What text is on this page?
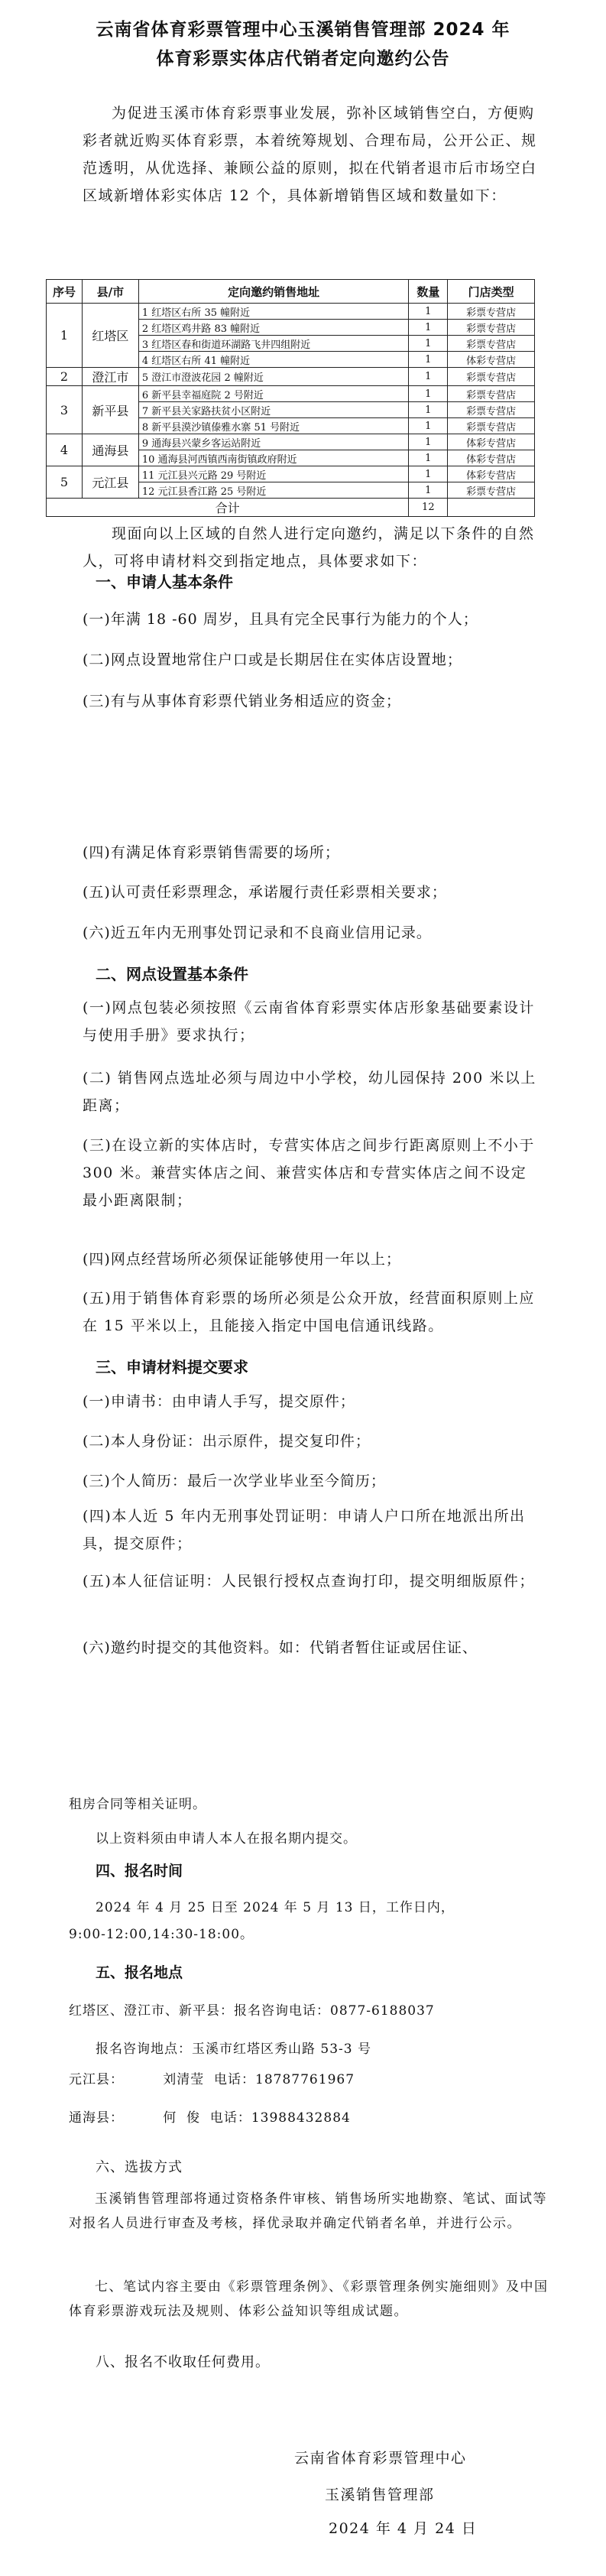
云南省体育彩票管理中心玉溪销售管理部 2024 年
体育彩票实体店代销者定向邀约公告
为促进玉溪市体育彩票事业发展，弥补区域销售空白，方便购彩者就近购买体育彩票，本着统筹规划、合理布局，公开公正、规范透明，从优选择、兼顾公益的原则，拟在代销者退市后市场空白区域新增体彩实体店 12 个，具体新增销售区域和数量如下：
序号	县/市	定向邀约销售地址	数量	门店类型
1	红塔区	1 红塔区右所 35 幢附近	1	彩票专营店
		2 红塔区鸡井路 83 幢附近	1	彩票专营店
		3 红塔区春和街道环湖路飞井四组附近	1	彩票专营店
		4 红塔区右所 41 幢附近	1	体彩专营店
2	澄江市	5 澄江市澄波花园 2 幢附近	1	彩票专营店
3	新平县	6 新平县幸福庭院 2 号附近	1	彩票专营店
		7 新平县关家路扶贫小区附近	1	彩票专营店
		8 新平县漠沙镇傣雅水寨 51 号附近	1	彩票专营店
4	通海县	9 通海县兴蒙乡客运站附近	1	体彩专营店
		10 通海县河西镇西南街镇政府附近	1	体彩专营店
5	元江县	11 元江县兴元路 29 号附近	1	体彩专营店
		12 元江县香江路 25 号附近	1	彩票专营店
合计			12	
现面向以上区域的自然人进行定向邀约，满足以下条件的自然人，可将申请材料交到指定地点，具体要求如下：
一、申请人基本条件
(一)年满 18 -60 周岁，且具有完全民事行为能力的个人；
(二)网点设置地常住户口或是长期居住在实体店设置地；
(三)有与从事体育彩票代销业务相适应的资金；
(四)有满足体育彩票销售需要的场所；
(五)认可责任彩票理念，承诺履行责任彩票相关要求；
(六)近五年内无刑事处罚记录和不良商业信用记录。
二、网点设置基本条件
(一)网点包装必须按照《云南省体育彩票实体店形象基础要素设计与使用手册》要求执行；
(二) 销售网点选址必须与周边中小学校，幼儿园保持 200 米以上距离；
(三)在设立新的实体店时，专营实体店之间步行距离原则上不小于 300 米。兼营实体店之间、兼营实体店和专营实体店之间不设定最小距离限制；
(四)网点经营场所必须保证能够使用一年以上；
(五)用于销售体育彩票的场所必须是公众开放，经营面积原则上应在 15 平米以上，且能接入指定中国电信通讯线路。
三、申请材料提交要求
(一)申请书：由申请人手写，提交原件；
(二)本人身份证：出示原件，提交复印件；
(三)个人简历：最后一次学业毕业至今简历；
(四)本人近 5 年内无刑事处罚证明：申请人户口所在地派出所出具，提交原件；
(五)本人征信证明：人民银行授权点查询打印，提交明细版原件；
(六)邀约时提交的其他资料。如：代销者暂住证或居住证、
租房合同等相关证明。
以上资料须由申请人本人在报名期内提交。
四、报名时间
2024 年 4 月 25 日至 2024 年 5 月 13 日，工作日内，
9:00-12:00,14:30-18:00。
五、报名地点
红塔区、澄江市、新平县：报名咨询电话：0877-6188037
报名咨询地点：玉溪市红塔区秀山路 53-3 号
元江县：        刘清莹  电话：18787761967
通海县：        何  俊  电话：13988432884
六、选拔方式
玉溪销售管理部将通过资格条件审核、销售场所实地勘察、笔试、面试等对报名人员进行审查及考核，择优录取并确定代销者名单，并进行公示。
七、笔试内容主要由《彩票管理条例》、《彩票管理条例实施细则》及中国体育彩票游戏玩法及规则、体彩公益知识等组成试题。
八、报名不收取任何费用。
云南省体育彩票管理中心
玉溪销售管理部
2024 年 4 月 24 日
